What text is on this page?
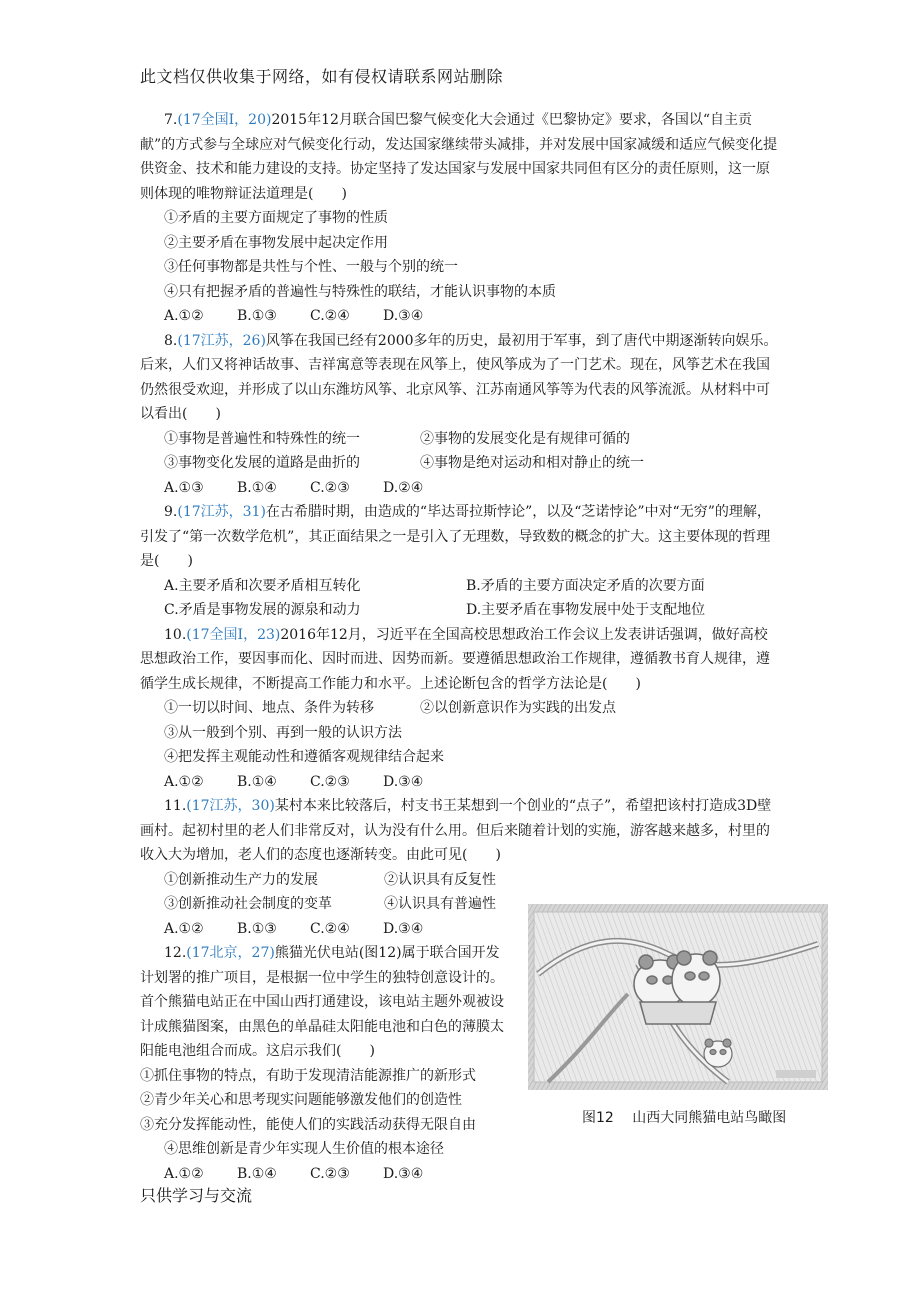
此文档仅供收集于网络，如有侵权请联系网站删除

7.(17全国Ⅰ，20)2015年12月联合国巴黎气候变化大会通过《巴黎协定》要求，各国以“自主贡献”的方式参与全球应对气候变化行动，发达国家继续带头减排，并对发展中国家减缓和适应气候变化提供资金、技术和能力建设的支持。协定坚持了发达国家与发展中国家共同但有区分的责任原则，这一原则体现的唯物辩证法道理是(　　)

①矛盾的主要方面规定了事物的性质

②主要矛盾在事物发展中起决定作用

③任何事物都是共性与个性、一般与个别的统一

④只有把握矛盾的普遍性与特殊性的联结，才能认识事物的本质

A.①②	B.①③	C.②④	D.③④

8.(17江苏，26)风筝在我国已经有2000多年的历史，最初用于军事，到了唐代中期逐渐转向娱乐。后来，人们又将神话故事、吉祥寓意等表现在风筝上，使风筝成为了一门艺术。现在，风筝艺术在我国仍然很受欢迎，并形成了以山东潍坊风筝、北京风筝、江苏南通风筝等为代表的风筝流派。从材料中可以看出(　　)

①事物是普遍性和特殊性的统一	②事物的发展变化是有规律可循的
③事物变化发展的道路是曲折的	④事物是绝对运动和相对静止的统一
A.①③	B.①④	C.②③	D.②④

9.(17江苏，31)在古希腊时期，由造成的“毕达哥拉斯悖论”，以及“芝诺悖论”中对“无穷”的理解，引发了“第一次数学危机”，其正面结果之一是引入了无理数，导致数的概念的扩大。这主要体现的哲理是(　　)

A.主要矛盾和次要矛盾相互转化	B.矛盾的主要方面决定矛盾的次要方面
C.矛盾是事物发展的源泉和动力	D.主要矛盾在事物发展中处于支配地位

10.(17全国Ⅰ，23)2016年12月，习近平在全国高校思想政治工作会议上发表讲话强调，做好高校思想政治工作，要因事而化、因时而进、因势而新。要遵循思想政治工作规律，遵循教书育人规律，遵循学生成长规律，不断提高工作能力和水平。上述论断包含的哲学方法论是(　　)

①一切以时间、地点、条件为转移	②以创新意识作为实践的出发点

③从一般到个别、再到一般的认识方法

④把发挥主观能动性和遵循客观规律结合起来

A.①②	B.①④	C.②③	D.③④

11.(17江苏，30)某村本来比较落后，村支书王某想到一个创业的“点子”，希望把该村打造成3D壁画村。起初村里的老人们非常反对，认为没有什么用。但后来随着计划的实施，游客越来越多，村里的收入大为增加，老人们的态度也逐渐转变。由此可见(　　)

①创新推动生产力的发展	②认识具有反复性
③创新推动社会制度的变革	④认识具有普遍性
A.①②	B.①③	C.②④	D.③④

12.(17北京，27)熊猫光伏电站(图12)属于联合国开发计划署的推广项目，是根据一位中学生的独特创意设计的。首个熊猫电站正在中国山西打通建设，该电站主题外观被设计成熊猫图案，由黑色的单晶硅太阳能电池和白色的薄膜太阳能电池组合而成。这启示我们(　　)

①抓住事物的特点，有助于发现清洁能源推广的新形式

②青少年关心和思考现实问题能够激发他们的创造性

③充分发挥能动性，能使人们的实践活动获得无限自由

④思维创新是青少年实现人生价值的根本途径

A.①②	B.①④	C.②③	D.③④
图12 山西大同熊猫电站鸟瞰图
只供学习与交流
